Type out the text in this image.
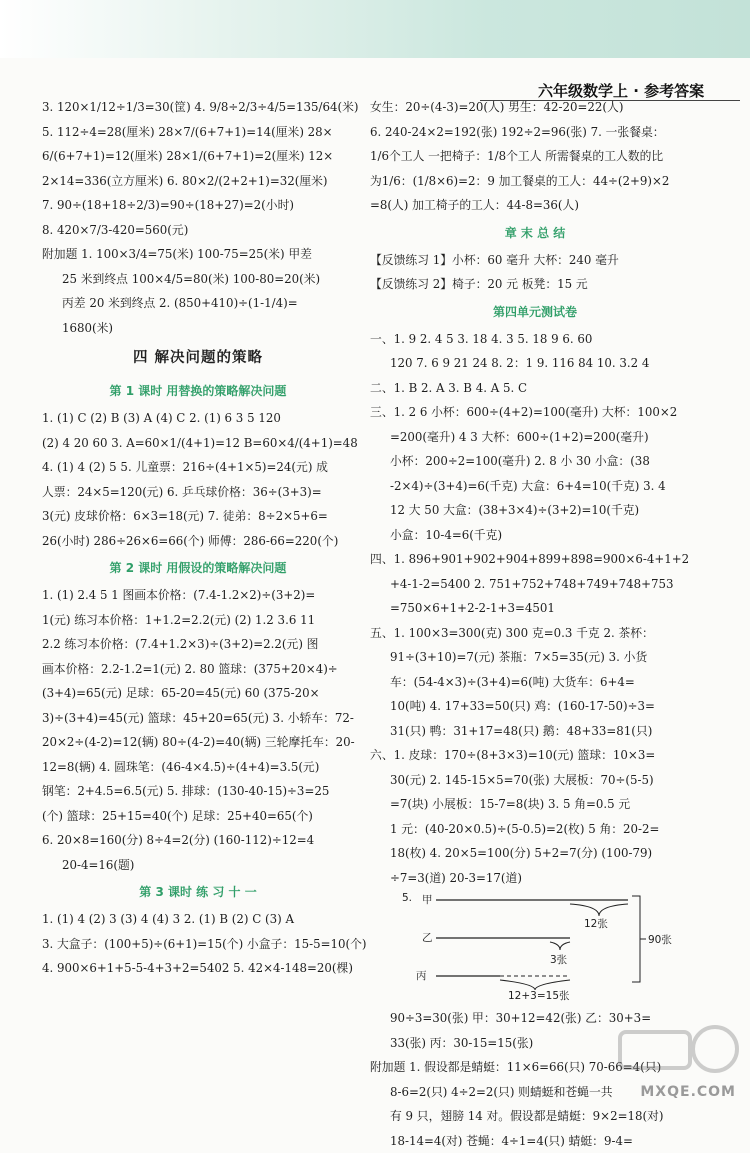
六年级数学上 · 参考答案
3. 120×1/12÷1/3=30(筐) 4. 9/8÷2/3÷4/5=135/64(米)
5. 112÷4=28(厘米) 28×7/(6+7+1)=14(厘米) 28×
6/(6+7+1)=12(厘米) 28×1/(6+7+1)=2(厘米) 12×
2×14=336(立方厘米) 6. 80×2/(2+2+1)=32(厘米)
7. 90÷(18+18÷2/3)=90÷(18+27)=2(小时)
8. 420×7/3-420=560(元)
附加题 1. 100×3/4=75(米) 100-75=25(米) 甲差
25 米到终点 100×4/5=80(米) 100-80=20(米)
丙差 20 米到终点 2. (850+410)÷(1-1/4)=
1680(米)
四 解决问题的策略
第 1 课时 用替换的策略解决问题
1. (1) C (2) B (3) A (4) C 2. (1) 6 3 5 120
(2) 4 20 60 3. A=60×1/(4+1)=12 B=60×4/(4+1)=48
4. (1) 4 (2) 5 5. 儿童票：216÷(4+1×5)=24(元) 成
人票：24×5=120(元) 6. 乒乓球价格：36÷(3+3)=
3(元) 皮球价格：6×3=18(元) 7. 徒弟：8÷2×5+6=
26(小时) 286÷26×6=66(个) 师傅：286-66=220(个)
第 2 课时 用假设的策略解决问题
1. (1) 2.4 5 1 图画本价格：(7.4-1.2×2)÷(3+2)=
1(元) 练习本价格：1+1.2=2.2(元) (2) 1.2 3.6 11
2.2 练习本价格：(7.4+1.2×3)÷(3+2)=2.2(元) 图
画本价格：2.2-1.2=1(元) 2. 80 篮球：(375+20×4)÷
(3+4)=65(元) 足球：65-20=45(元) 60 (375-20×
3)÷(3+4)=45(元) 篮球：45+20=65(元) 3. 小轿车：72-
20×2÷(4-2)=12(辆) 80÷(4-2)=40(辆) 三轮摩托车：20-
12=8(辆) 4. 圆珠笔：(46-4×4.5)÷(4+4)=3.5(元)
钢笔：2+4.5=6.5(元) 5. 排球：(130-40-15)÷3=25
(个) 篮球：25+15=40(个) 足球：25+40=65(个)
6. 20×8=160(分) 8÷4=2(分) (160-112)÷12=4
20-4=16(题)
第 3 课时 练 习 十 一
1. (1) 4 (2) 3 (3) 4 (4) 3 2. (1) B (2) C (3) A
3. 大盒子：(100+5)÷(6+1)=15(个) 小盒子：15-5=10(个)
4. 900×6+1+5-5-4+3+2=5402 5. 42×4-148=20(棵)
女生：20÷(4-3)=20(人) 男生：42-20=22(人)
6. 240-24×2=192(张) 192÷2=96(张) 7. 一张餐桌：
1/6个工人 一把椅子：1/8个工人 所需餐桌的工人数的比
为1/6：(1/8×6)=2：9 加工餐桌的工人：44÷(2+9)×2
=8(人) 加工椅子的工人：44-8=36(人)
章 末 总 结
【反馈练习 1】小杯：60 毫升 大杯：240 毫升
【反馈练习 2】椅子：20 元 板凳：15 元
第四单元测试卷
一、1. 9 2. 4 5 3. 18 4. 3 5. 18 9 6. 60
120 7. 6 9 21 24 8. 2：1 9. 116 84 10. 3.2 4
二、1. B 2. A 3. B 4. A 5. C
三、1. 2 6 小杯：600÷(4+2)=100(毫升) 大杯：100×2
=200(毫升) 4 3 大杯：600÷(1+2)=200(毫升)
小杯：200÷2=100(毫升) 2. 8 小 30 小盒：(38
-2×4)÷(3+4)=6(千克) 大盒：6+4=10(千克) 3. 4
12 大 50 大盒：(38+3×4)÷(3+2)=10(千克)
小盒：10-4=6(千克)
四、1. 896+901+902+904+899+898=900×6-4+1+2
+4-1-2=5400 2. 751+752+748+749+748+753
=750×6+1+2-2-1+3=4501
五、1. 100×3=300(克) 300 克=0.3 千克 2. 茶杯：
91÷(3+10)=7(元) 茶瓶：7×5=35(元) 3. 小货
车：(54-4×3)÷(3+4)=6(吨) 大货车：6+4=
10(吨) 4. 17+33=50(只) 鸡：(160-17-50)÷3=
31(只) 鸭：31+17=48(只) 鹅：48+33=81(只)
六、1. 皮球：170÷(8+3×3)=10(元) 篮球：10×3=
30(元) 2. 145-15×5=70(张) 大展板：70÷(5-5)
=7(块) 小展板：15-7=8(块) 3. 5 角=0.5 元
1 元：(40-20×0.5)÷(5-0.5)=2(枚) 5 角：20-2=
18(枚) 4. 20×5=100(分) 5+2=7(分) (100-79)
÷7=3(道) 20-3=17(道)
5. 甲
乙
丙
12张
3张
12+3=15张
90张
90÷3=30(张) 甲：30+12=42(张) 乙：30+3=
33(张) 丙：30-15=15(张)
附加题 1. 假设都是蜻蜓：11×6=66(只) 70-66=4(只)
8-6=2(只) 4÷2=2(只) 则蜻蜓和苍蝇一共
有 9 只，翅膀 14 对。假设都是蜻蜓：9×2=18(对)
18-14=4(对) 苍蝇：4÷1=4(只) 蜻蜓：9-4=
MXQE.COM
